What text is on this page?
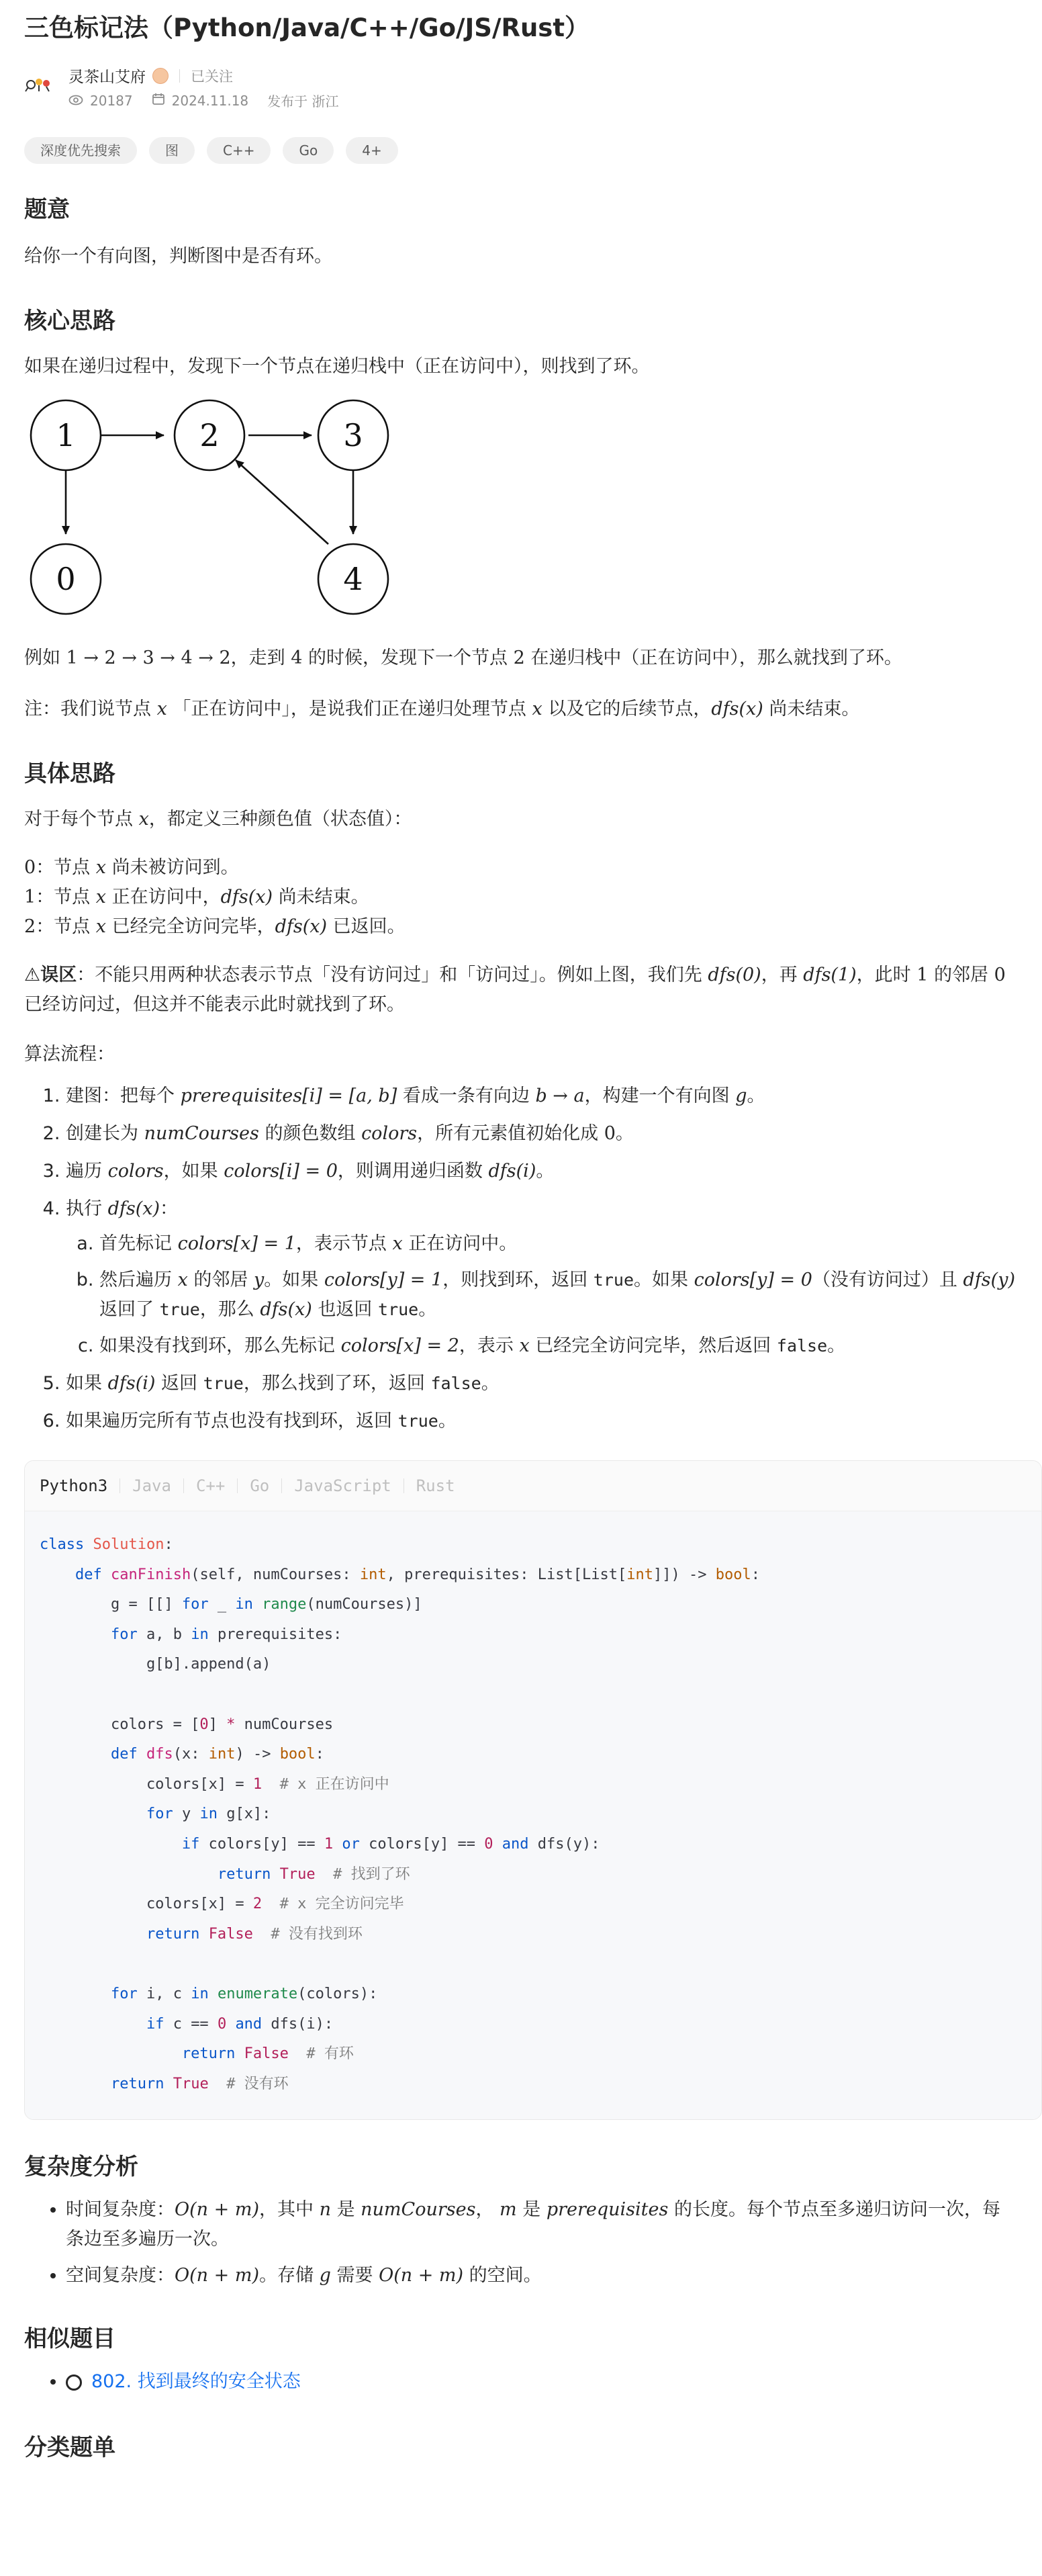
三色标记法（Python/Java/C++/Go/JS/Rust）
灵茶山艾府	已关注
20187	2024.11.18 发布于 浙江
深度优先搜索	图	C++	Go	4+
题意

给你一个有向图，判断图中是否有环。

核心思路

如果在递归过程中，发现下一个节点在递归栈中（正在访问中），则找到了环。

1	2	3
0	4

例如 1 → 2 → 3 → 4 → 2，走到 4 的时候，发现下一个节点 2 在递归栈中（正在访问中），那么就找到了环。

注：我们说节点 x 「正在访问中」，是说我们正在递归处理节点 x 以及它的后续节点，dfs(x) 尚未结束。

具体思路

对于每个节点 x，都定义三种颜色值（状态值）：

0：节点 x 尚未被访问到。
1：节点 x 正在访问中，dfs(x) 尚未结束。
2：节点 x 已经完全访问完毕，dfs(x) 已返回。

⚠误区：不能只用两种状态表示节点「没有访问过」和「访问过」。例如上图，我们先 dfs(0)，再 dfs(1)，此时 1 的邻居 0 已经访问过，但这并不能表示此时就找到了环。

算法流程：

1. 建图：把每个 prerequisites[i] = [a, b] 看成一条有向边 b → a，构建一个有向图 g。
2. 创建长为 numCourses 的颜色数组 colors，所有元素值初始化成 0。
3. 遍历 colors，如果 colors[i] = 0，则调用递归函数 dfs(i)。
4. 执行 dfs(x)：
a. 首先标记 colors[x] = 1，表示节点 x 正在访问中。
b. 然后遍历 x 的邻居 y。如果 colors[y] = 1，则找到环，返回 true。如果 colors[y] = 0（没有访问过）且 dfs(y) 返回了 true，那么 dfs(x) 也返回 true。
c. 如果没有找到环，那么先标记 colors[x] = 2，表示 x 已经完全访问完毕，然后返回 false。
5. 如果 dfs(i) 返回 true，那么找到了环，返回 false。
6. 如果遍历完所有节点也没有找到环，返回 true。
Python3	Java	C++	Go	JavaScript	Rust
class Solution:
def canFinish(self, numCourses: int, prerequisites: List[List[int]]) -> bool:
g = [[] for _ in range(numCourses)]
for a, b in prerequisites:
g[b].append(a)

colors = [0] * numCourses
def dfs(x: int) -> bool:
colors[x] = 1 # x 正在访问中
for y in g[x]:
if colors[y] == 1 or colors[y] == 0 and dfs(y):
return True # 找到了环
colors[x] = 2 # x 完全访问完毕
return False # 没有找到环

for i, c in enumerate(colors):
if c == 0 and dfs(i):
return False # 有环
return True # 没有环
复杂度分析
• 时间复杂度：O(n + m)，其中 n 是 numCourses， m 是 prerequisites 的长度。每个节点至多递归访问一次，每条边至多遍历一次。
• 空间复杂度：O(n + m)。存储 g 需要 O(n + m) 的空间。
相似题目
• 802. 找到最终的安全状态
分类题单
